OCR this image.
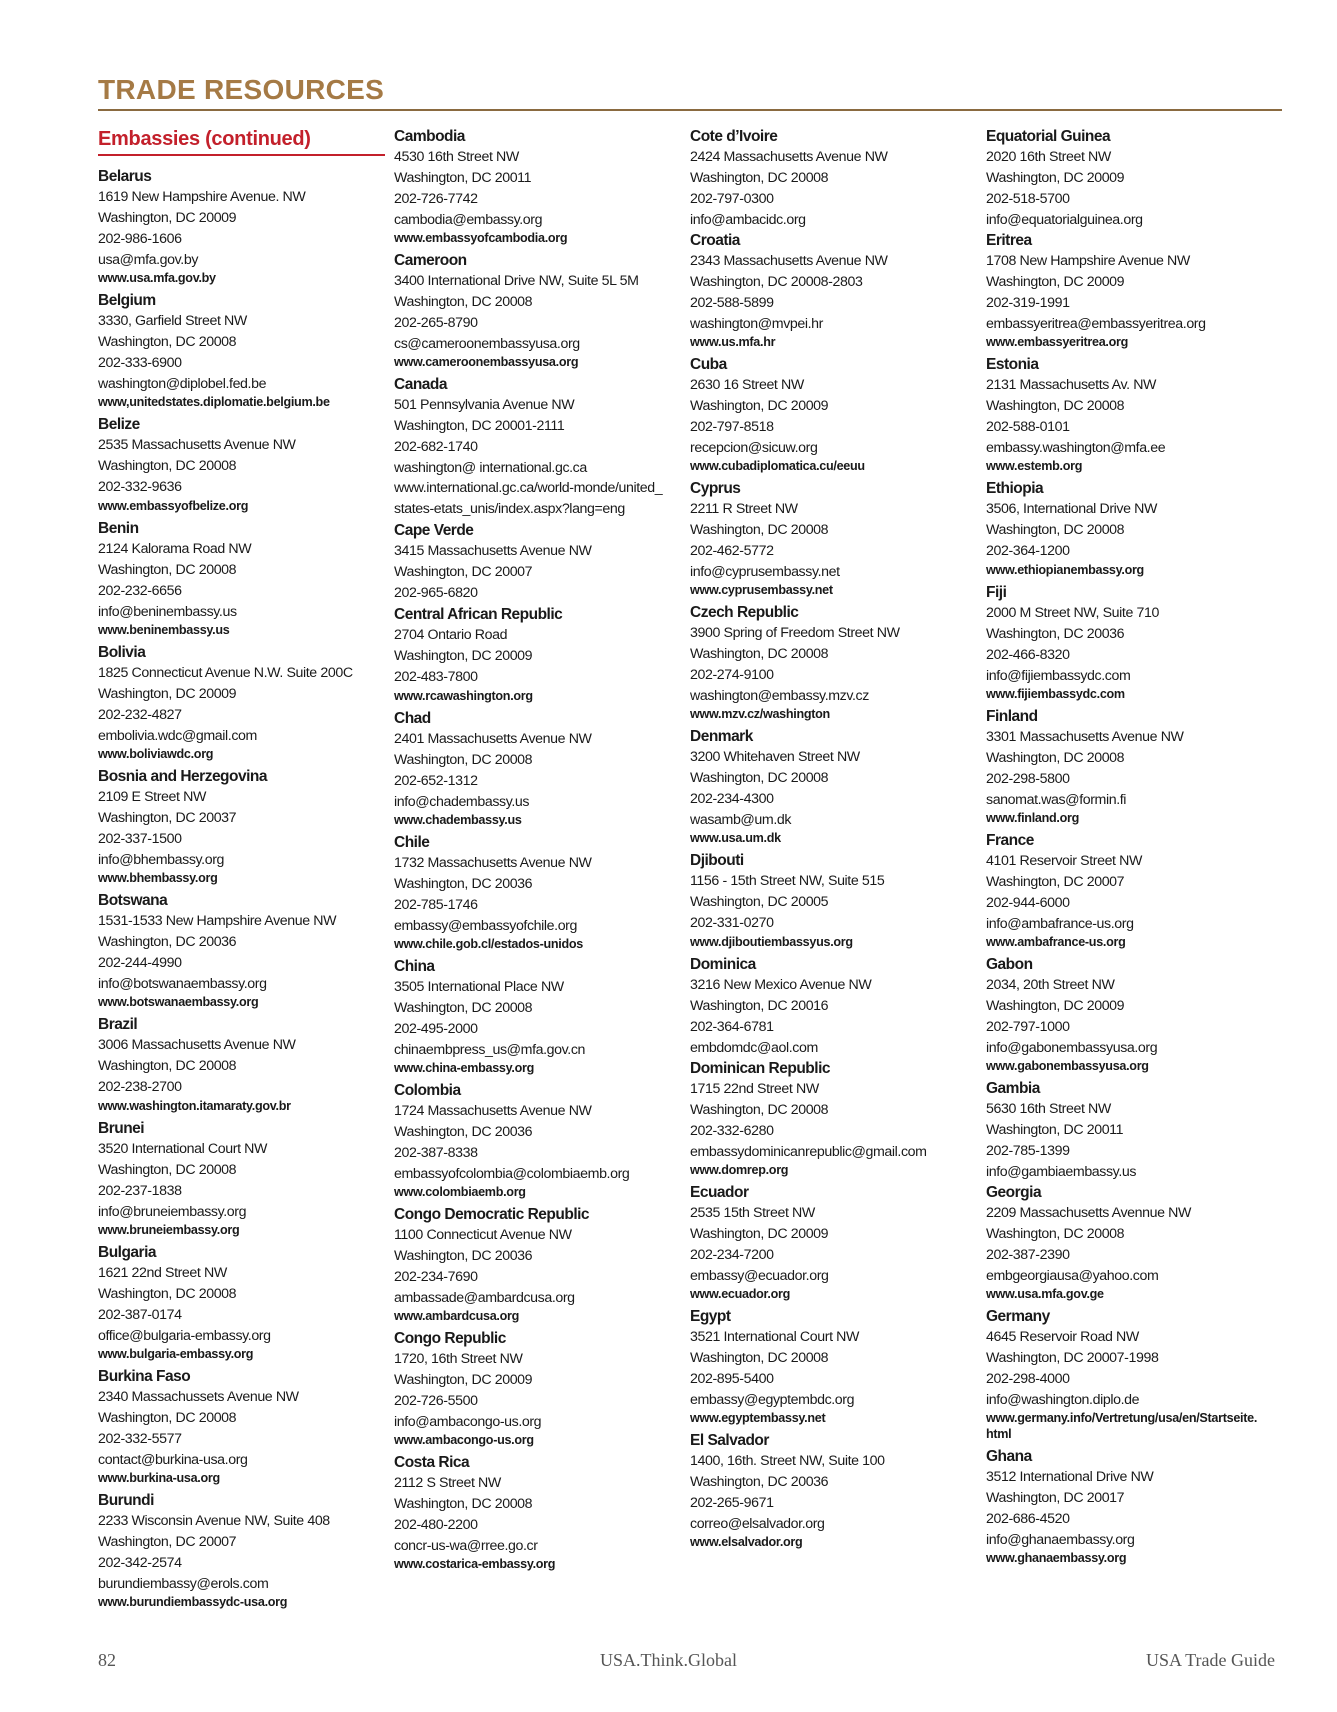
TRADE RESOURCES
Embassies (continued)
Belarus
1619 New Hampshire Avenue. NW
Washington, DC 20009
202-986-1606
usa@mfa.gov.by
www.usa.mfa.gov.by
Belgium
3330, Garfield Street NW
Washington, DC 20008
202-333-6900
washington@diplobel.fed.be
www,unitedstates.diplomatie.belgium.be
Belize
2535 Massachusetts Avenue NW
Washington, DC 20008
202-332-9636
www.embassyofbelize.org
Benin
2124 Kalorama Road NW
Washington, DC 20008
202-232-6656
info@beninembassy.us
www.beninembassy.us
Bolivia
1825 Connecticut Avenue N.W. Suite 200C
Washington, DC 20009
202-232-4827
embolivia.wdc@gmail.com
www.boliviawdc.org
Bosnia and Herzegovina
2109 E Street NW
Washington, DC 20037
202-337-1500
info@bhembassy.org
www.bhembassy.org
Botswana
1531-1533 New Hampshire Avenue NW
Washington, DC 20036
202-244-4990
info@botswanaembassy.org
www.botswanaembassy.org
Brazil
3006 Massachusetts Avenue NW
Washington, DC 20008
202-238-2700
www.washington.itamaraty.gov.br
Brunei
3520 International Court NW
Washington, DC 20008
202-237-1838
info@bruneiembassy.org
www.bruneiembassy.org
Bulgaria
1621 22nd Street NW
Washington, DC 20008
202-387-0174
office@bulgaria-embassy.org
www.bulgaria-embassy.org
Burkina Faso
2340 Massachussets Avenue NW
Washington, DC 20008
202-332-5577
contact@burkina-usa.org
www.burkina-usa.org
Burundi
2233 Wisconsin Avenue NW, Suite 408
Washington, DC 20007
202-342-2574
burundiembassy@erols.com
www.burundiembassydc-usa.org
Cambodia
4530 16th Street NW
Washington, DC 20011
202-726-7742
cambodia@embassy.org
www.embassyofcambodia.org
Cameroon
3400 International Drive NW, Suite 5L 5M
Washington, DC 20008
202-265-8790
cs@cameroonembassyusa.org
www.cameroonembassyusa.org
Canada
501 Pennsylvania Avenue NW
Washington, DC 20001-2111
202-682-1740
washington@ international.gc.ca
www.international.gc.ca/world-monde/united_
states-etats_unis/index.aspx?lang=eng
Cape Verde
3415 Massachusetts Avenue NW
Washington, DC 20007
202-965-6820
Central African Republic
2704 Ontario Road
Washington, DC 20009
202-483-7800
www.rcawashington.org
Chad
2401 Massachusetts Avenue NW
Washington, DC 20008
202-652-1312
info@chadembassy.us
www.chadembassy.us
Chile
1732 Massachusetts Avenue NW
Washington, DC 20036
202-785-1746
embassy@embassyofchile.org
www.chile.gob.cl/estados-unidos
China
3505 International Place NW
Washington, DC 20008
202-495-2000
chinaembpress_us@mfa.gov.cn
www.china-embassy.org
Colombia
1724 Massachusetts Avenue NW
Washington, DC 20036
202-387-8338
embassyofcolombia@colombiaemb.org
www.colombiaemb.org
Congo Democratic Republic
1100 Connecticut Avenue NW
Washington, DC 20036
202-234-7690
ambassade@ambardcusa.org
www.ambardcusa.org
Congo Republic
1720, 16th Street NW
Washington, DC 20009
202-726-5500
info@ambacongo-us.org
www.ambacongo-us.org
Costa Rica
2112 S Street NW
Washington, DC 20008
202-480-2200
concr-us-wa@rree.go.cr
www.costarica-embassy.org
Cote d’Ivoire
2424 Massachusetts Avenue NW
Washington, DC 20008
202-797-0300
info@ambacidc.org
Croatia
2343 Massachusetts Avenue NW
Washington, DC 20008-2803
202-588-5899
washington@mvpei.hr
www.us.mfa.hr
Cuba
2630 16 Street NW
Washington, DC 20009
202-797-8518
recepcion@sicuw.org
www.cubadiplomatica.cu/eeuu
Cyprus
2211 R Street NW
Washington, DC 20008
202-462-5772
info@cyprusembassy.net
www.cyprusembassy.net
Czech Republic
3900 Spring of Freedom Street NW
Washington, DC 20008
202-274-9100
washington@embassy.mzv.cz
www.mzv.cz/washington
Denmark
3200 Whitehaven Street NW
Washington, DC 20008
202-234-4300
wasamb@um.dk
www.usa.um.dk
Djibouti
1156 - 15th Street NW, Suite 515
Washington, DC 20005
202-331-0270
www.djiboutiembassyus.org
Dominica
3216 New Mexico Avenue NW
Washington, DC 20016
202-364-6781
embdomdc@aol.com
Dominican Republic
1715 22nd Street NW
Washington, DC 20008
202-332-6280
embassydominicanrepublic@gmail.com
www.domrep.org
Ecuador
2535 15th Street NW
Washington, DC 20009
202-234-7200
embassy@ecuador.org
www.ecuador.org
Egypt
3521 International Court NW
Washington, DC 20008
202-895-5400
embassy@egyptembdc.org
www.egyptembassy.net
El Salvador
1400, 16th. Street NW, Suite 100
Washington, DC 20036
202-265-9671
correo@elsalvador.org
www.elsalvador.org
Equatorial Guinea
2020 16th Street NW
Washington, DC 20009
202-518-5700
info@equatorialguinea.org
Eritrea
1708 New Hampshire Avenue NW
Washington, DC 20009
202-319-1991
embassyeritrea@embassyeritrea.org
www.embassyeritrea.org
Estonia
2131 Massachusetts Av. NW
Washington, DC 20008
202-588-0101
embassy.washington@mfa.ee
www.estemb.org
Ethiopia
3506, International Drive NW
Washington, DC 20008
202-364-1200
www.ethiopianembassy.org
Fiji
2000 M Street NW, Suite 710
Washington, DC 20036
202-466-8320
info@fijiembassydc.com
www.fijiembassydc.com
Finland
3301 Massachusetts Avenue NW
Washington, DC 20008
202-298-5800
sanomat.was@formin.fi
www.finland.org
France
4101 Reservoir Street NW
Washington, DC 20007
202-944-6000
info@ambafrance-us.org
www.ambafrance-us.org
Gabon
2034, 20th Street NW
Washington, DC 20009
202-797-1000
info@gabonembassyusa.org
www.gabonembassyusa.org
Gambia
5630 16th Street NW
Washington, DC 20011
202-785-1399
info@gambiaembassy.us
Georgia
2209 Massachusetts Avennue NW
Washington, DC 20008
202-387-2390
embgeorgiausa@yahoo.com
www.usa.mfa.gov.ge
Germany
4645 Reservoir Road NW
Washington, DC 20007-1998
202-298-4000
info@washington.diplo.de
www.germany.info/Vertretung/usa/en/Startseite.
html
Ghana
3512 International Drive NW
Washington, DC 20017
202-686-4520
info@ghanaembassy.org
www.ghanaembassy.org
82	USA.Think.Global	USA Trade Guide
